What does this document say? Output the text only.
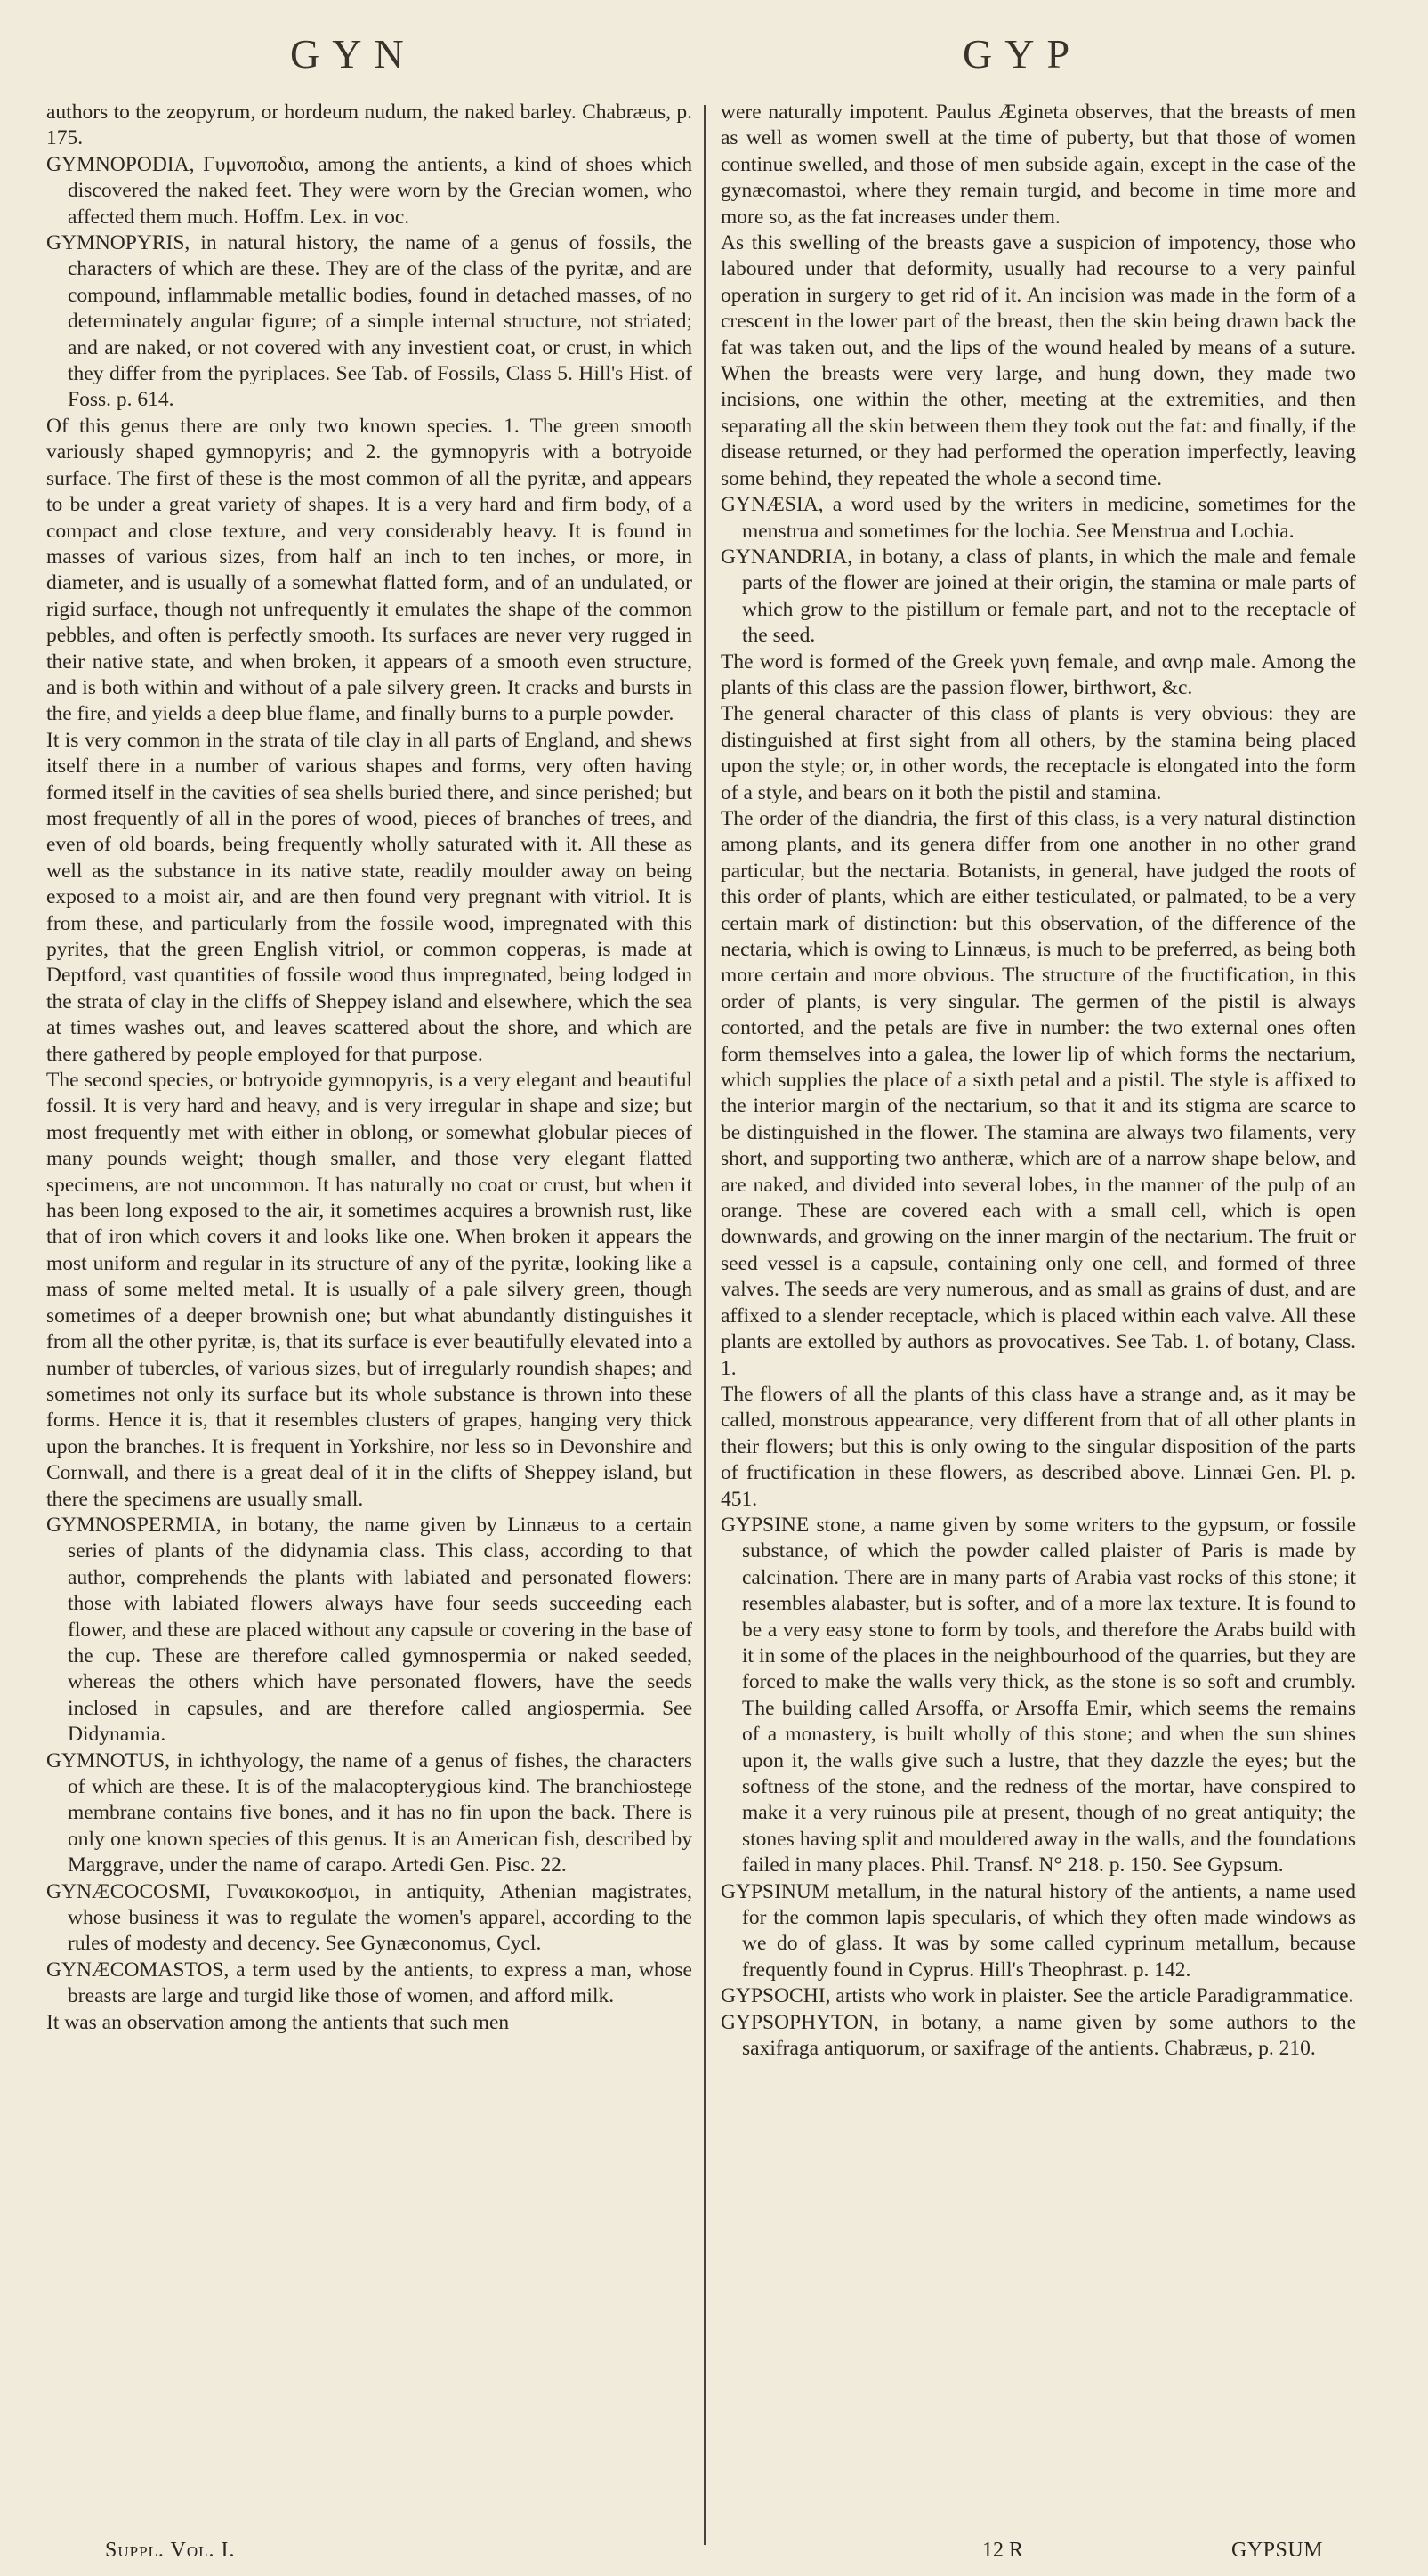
GYN	GYP

authors to the zeopyrum, or hordeum nudum, the naked barley. Chabræus, p. 175.

GYMNOPODIA, Γυμνοποδια, among the antients, a kind of shoes which discovered the naked feet. They were worn by the Grecian women, who affected them much. Hoffm. Lex. in voc.

GYMNOPYRIS, in natural history, the name of a genus of fossils, the characters of which are these. They are of the class of the pyritæ, and are compound, inflammable metallic bodies, found in detached masses, of no determinately angular figure; of a simple internal structure, not striated; and are naked, or not covered with any investient coat, or crust, in which they differ from the pyriplaces. See Tab. of Fossils, Class 5. Hill's Hist. of Foss. p. 614.

Of this genus there are only two known species. 1. The green smooth variously shaped gymnopyris; and 2. the gymnopyris with a botryoide surface. The first of these is the most common of all the pyritæ, and appears to be under a great variety of shapes. It is a very hard and firm body, of a compact and close texture, and very considerably heavy. It is found in masses of various sizes, from half an inch to ten inches, or more, in diameter, and is usually of a somewhat flatted form, and of an undulated, or rigid surface, though not unfrequently it emulates the shape of the common pebbles, and often is perfectly smooth. Its surfaces are never very rugged in their native state, and when broken, it appears of a smooth even structure, and is both within and without of a pale silvery green. It cracks and bursts in the fire, and yields a deep blue flame, and finally burns to a purple powder.

It is very common in the strata of tile clay in all parts of England, and shews itself there in a number of various shapes and forms, very often having formed itself in the cavities of sea shells buried there, and since perished; but most frequently of all in the pores of wood, pieces of branches of trees, and even of old boards, being frequently wholly saturated with it. All these as well as the substance in its native state, readily moulder away on being exposed to a moist air, and are then found very pregnant with vitriol. It is from these, and particularly from the fossile wood, impregnated with this pyrites, that the green English vitriol, or common copperas, is made at Deptford, vast quantities of fossile wood thus impregnated, being lodged in the strata of clay in the cliffs of Sheppey island and elsewhere, which the sea at times washes out, and leaves scattered about the shore, and which are there gathered by people employed for that purpose.

The second species, or botryoide gymnopyris, is a very elegant and beautiful fossil. It is very hard and heavy, and is very irregular in shape and size; but most frequently met with either in oblong, or somewhat globular pieces of many pounds weight; though smaller, and those very elegant flatted specimens, are not uncommon. It has naturally no coat or crust, but when it has been long exposed to the air, it sometimes acquires a brownish rust, like that of iron which covers it and looks like one. When broken it appears the most uniform and regular in its structure of any of the pyritæ, looking like a mass of some melted metal. It is usually of a pale silvery green, though sometimes of a deeper brownish one; but what abundantly distinguishes it from all the other pyritæ, is, that its surface is ever beautifully elevated into a number of tubercles, of various sizes, but of irregularly roundish shapes; and sometimes not only its surface but its whole substance is thrown into these forms. Hence it is, that it resembles clusters of grapes, hanging very thick upon the branches. It is frequent in Yorkshire, nor less so in Devonshire and Cornwall, and there is a great deal of it in the clifts of Sheppey island, but there the specimens are usually small.

GYMNOSPERMIA, in botany, the name given by Linnæus to a certain series of plants of the didynamia class. This class, according to that author, comprehends the plants with labiated and personated flowers: those with labiated flowers always have four seeds succeeding each flower, and these are placed without any capsule or covering in the base of the cup. These are therefore called gymnospermia or naked seeded, whereas the others which have personated flowers, have the seeds inclosed in capsules, and are therefore called angiospermia. See Didynamia.

GYMNOTUS, in ichthyology, the name of a genus of fishes, the characters of which are these. It is of the malacopterygious kind. The branchiostege membrane contains five bones, and it has no fin upon the back. There is only one known species of this genus. It is an American fish, described by Marggrave, under the name of carapo. Artedi Gen. Pisc. 22.

GYNÆCOCOSMI, Γυναικοκοσμοι, in antiquity, Athenian magistrates, whose business it was to regulate the women's apparel, according to the rules of modesty and decency. See Gynæconomus, Cycl.

GYNÆCOMASTOS, a term used by the antients, to express a man, whose breasts are large and turgid like those of women, and afford milk.

It was an observation among the antients that such men

were naturally impotent. Paulus Ægineta observes, that the breasts of men as well as women swell at the time of puberty, but that those of women continue swelled, and those of men subside again, except in the case of the gynæcomastoi, where they remain turgid, and become in time more and more so, as the fat increases under them.

As this swelling of the breasts gave a suspicion of impotency, those who laboured under that deformity, usually had recourse to a very painful operation in surgery to get rid of it. An incision was made in the form of a crescent in the lower part of the breast, then the skin being drawn back the fat was taken out, and the lips of the wound healed by means of a suture. When the breasts were very large, and hung down, they made two incisions, one within the other, meeting at the extremities, and then separating all the skin between them they took out the fat: and finally, if the disease returned, or they had performed the operation imperfectly, leaving some behind, they repeated the whole a second time.

GYNÆSIA, a word used by the writers in medicine, sometimes for the menstrua and sometimes for the lochia. See Menstrua and Lochia.

GYNANDRIA, in botany, a class of plants, in which the male and female parts of the flower are joined at their origin, the stamina or male parts of which grow to the pistillum or female part, and not to the receptacle of the seed.

The word is formed of the Greek γυνη female, and ανηρ male. Among the plants of this class are the passion flower, birthwort, &c.

The general character of this class of plants is very obvious: they are distinguished at first sight from all others, by the stamina being placed upon the style; or, in other words, the receptacle is elongated into the form of a style, and bears on it both the pistil and stamina.

The order of the diandria, the first of this class, is a very natural distinction among plants, and its genera differ from one another in no other grand particular, but the nectaria. Botanists, in general, have judged the roots of this order of plants, which are either testiculated, or palmated, to be a very certain mark of distinction: but this observation, of the difference of the nectaria, which is owing to Linnæus, is much to be preferred, as being both more certain and more obvious. The structure of the fructification, in this order of plants, is very singular. The germen of the pistil is always contorted, and the petals are five in number: the two external ones often form themselves into a galea, the lower lip of which forms the nectarium, which supplies the place of a sixth petal and a pistil. The style is affixed to the interior margin of the nectarium, so that it and its stigma are scarce to be distinguished in the flower. The stamina are always two filaments, very short, and supporting two antheræ, which are of a narrow shape below, and are naked, and divided into several lobes, in the manner of the pulp of an orange. These are covered each with a small cell, which is open downwards, and growing on the inner margin of the nectarium. The fruit or seed vessel is a capsule, containing only one cell, and formed of three valves. The seeds are very numerous, and as small as grains of dust, and are affixed to a slender receptacle, which is placed within each valve. All these plants are extolled by authors as provocatives. See Tab. 1. of botany, Class. 1.

The flowers of all the plants of this class have a strange and, as it may be called, monstrous appearance, very different from that of all other plants in their flowers; but this is only owing to the singular disposition of the parts of fructification in these flowers, as described above. Linnæi Gen. Pl. p. 451.

GYPSINE stone, a name given by some writers to the gypsum, or fossile substance, of which the powder called plaister of Paris is made by calcination. There are in many parts of Arabia vast rocks of this stone; it resembles alabaster, but is softer, and of a more lax texture. It is found to be a very easy stone to form by tools, and therefore the Arabs build with it in some of the places in the neighbourhood of the quarries, but they are forced to make the walls very thick, as the stone is so soft and crumbly. The building called Arsoffa, or Arsoffa Emir, which seems the remains of a monastery, is built wholly of this stone; and when the sun shines upon it, the walls give such a lustre, that they dazzle the eyes; but the softness of the stone, and the redness of the mortar, have conspired to make it a very ruinous pile at present, though of no great antiquity; the stones having split and mouldered away in the walls, and the foundations failed in many places. Phil. Transf. N° 218. p. 150. See Gypsum.

GYPSINUM metallum, in the natural history of the antients, a name used for the common lapis specularis, of which they often made windows as we do of glass. It was by some called cyprinum metallum, because frequently found in Cyprus. Hill's Theophrast. p. 142.

GYPSOCHI, artists who work in plaister. See the article Paradigrammatice.

GYPSOPHYTON, in botany, a name given by some authors to the saxifraga antiquorum, or saxifrage of the antients. Chabræus, p. 210.

Suppl. Vol. I.	12 R	GYPSUM
